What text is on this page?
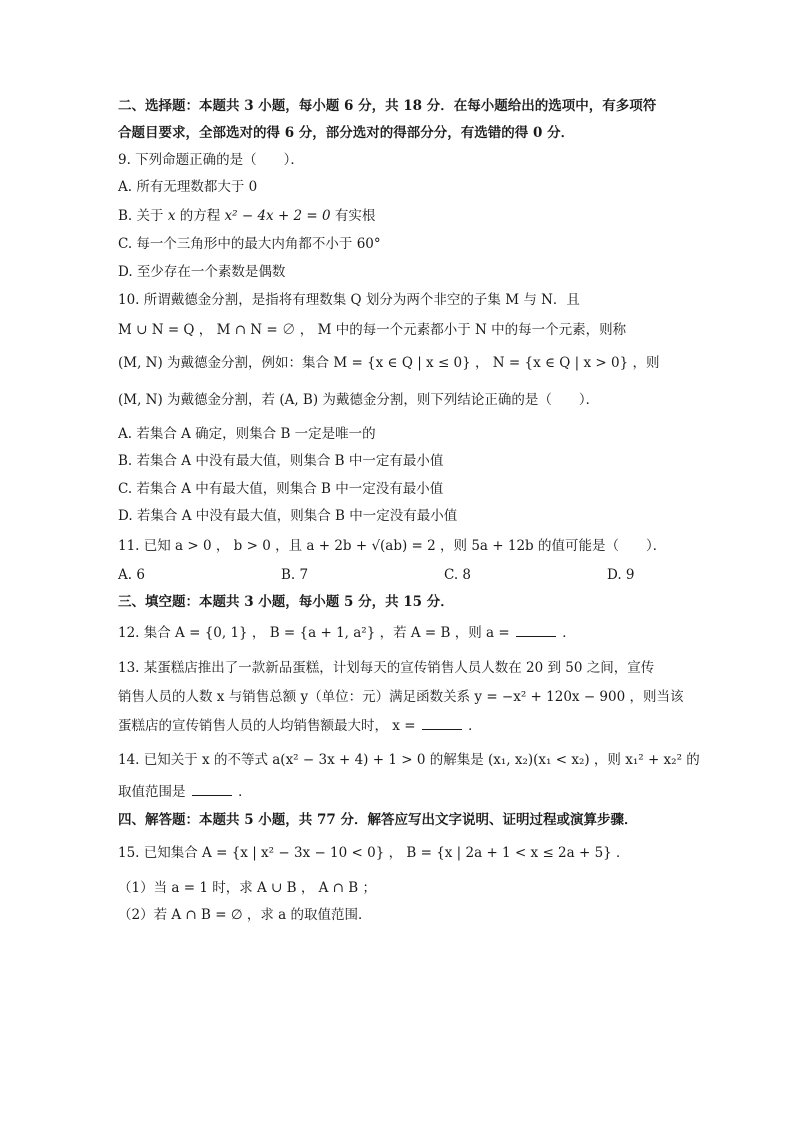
二、选择题：本题共 3 小题，每小题 6 分，共 18 分．在每小题给出的选项中，有多项符
合题目要求，全部选对的得 6 分，部分选对的得部分分，有选错的得 0 分．
9. 下列命题正确的是（　　）．
A. 所有无理数都大于 0
B. 关于 x 的方程 x² − 4x + 2 = 0 有实根
C. 每一个三角形中的最大内角都不小于 60°
D. 至少存在一个素数是偶数
10. 所谓戴德金分割，是指将有理数集 Q 划分为两个非空的子集 M 与 N．且
M ∪ N = Q ， M ∩ N = ∅ ， M 中的每一个元素都小于 N 中的每一个元素，则称
(M, N) 为戴德金分割，例如：集合 M = {x ∈ Q | x ≤ 0} ， N = {x ∈ Q | x > 0} ，则
(M, N) 为戴德金分割，若 (A, B) 为戴德金分割，则下列结论正确的是（　　）．
A. 若集合 A 确定，则集合 B 一定是唯一的
B. 若集合 A 中没有最大值，则集合 B 中一定有最小值
C. 若集合 A 中有最大值，则集合 B 中一定没有最小值
D. 若集合 A 中没有最大值，则集合 B 中一定没有最小值
11. 已知 a > 0 ， b > 0 ，且 a + 2b + √(ab) = 2 ，则 5a + 12b 的值可能是（　　）．
A. 6	B. 7	C. 8	D. 9
三、填空题：本题共 3 小题，每小题 5 分，共 15 分．
12. 集合 A = {0, 1} ， B = {a + 1, a²} ，若 A = B ，则 a =	．
13. 某蛋糕店推出了一款新品蛋糕，计划每天的宣传销售人员人数在 20 到 50 之间，宣传
销售人员的人数 x 与销售总额 y（单位：元）满足函数关系 y = −x² + 120x − 900 ，则当该
蛋糕店的宣传销售人员的人均销售额最大时， x =	．
14. 已知关于 x 的不等式 a(x² − 3x + 4) + 1 > 0 的解集是 (x₁, x₂)(x₁ < x₂) ，则 x₁² + x₂² 的
取值范围是	．
四、解答题：本题共 5 小题，共 77 分．解答应写出文字说明、证明过程或演算步骤．
15. 已知集合 A = {x | x² − 3x − 10 < 0} ， B = {x | 2a + 1 < x ≤ 2a + 5} ．
（1）当 a = 1 时，求 A ∪ B ， A ∩ B ；
（2）若 A ∩ B = ∅ ，求 a 的取值范围．
